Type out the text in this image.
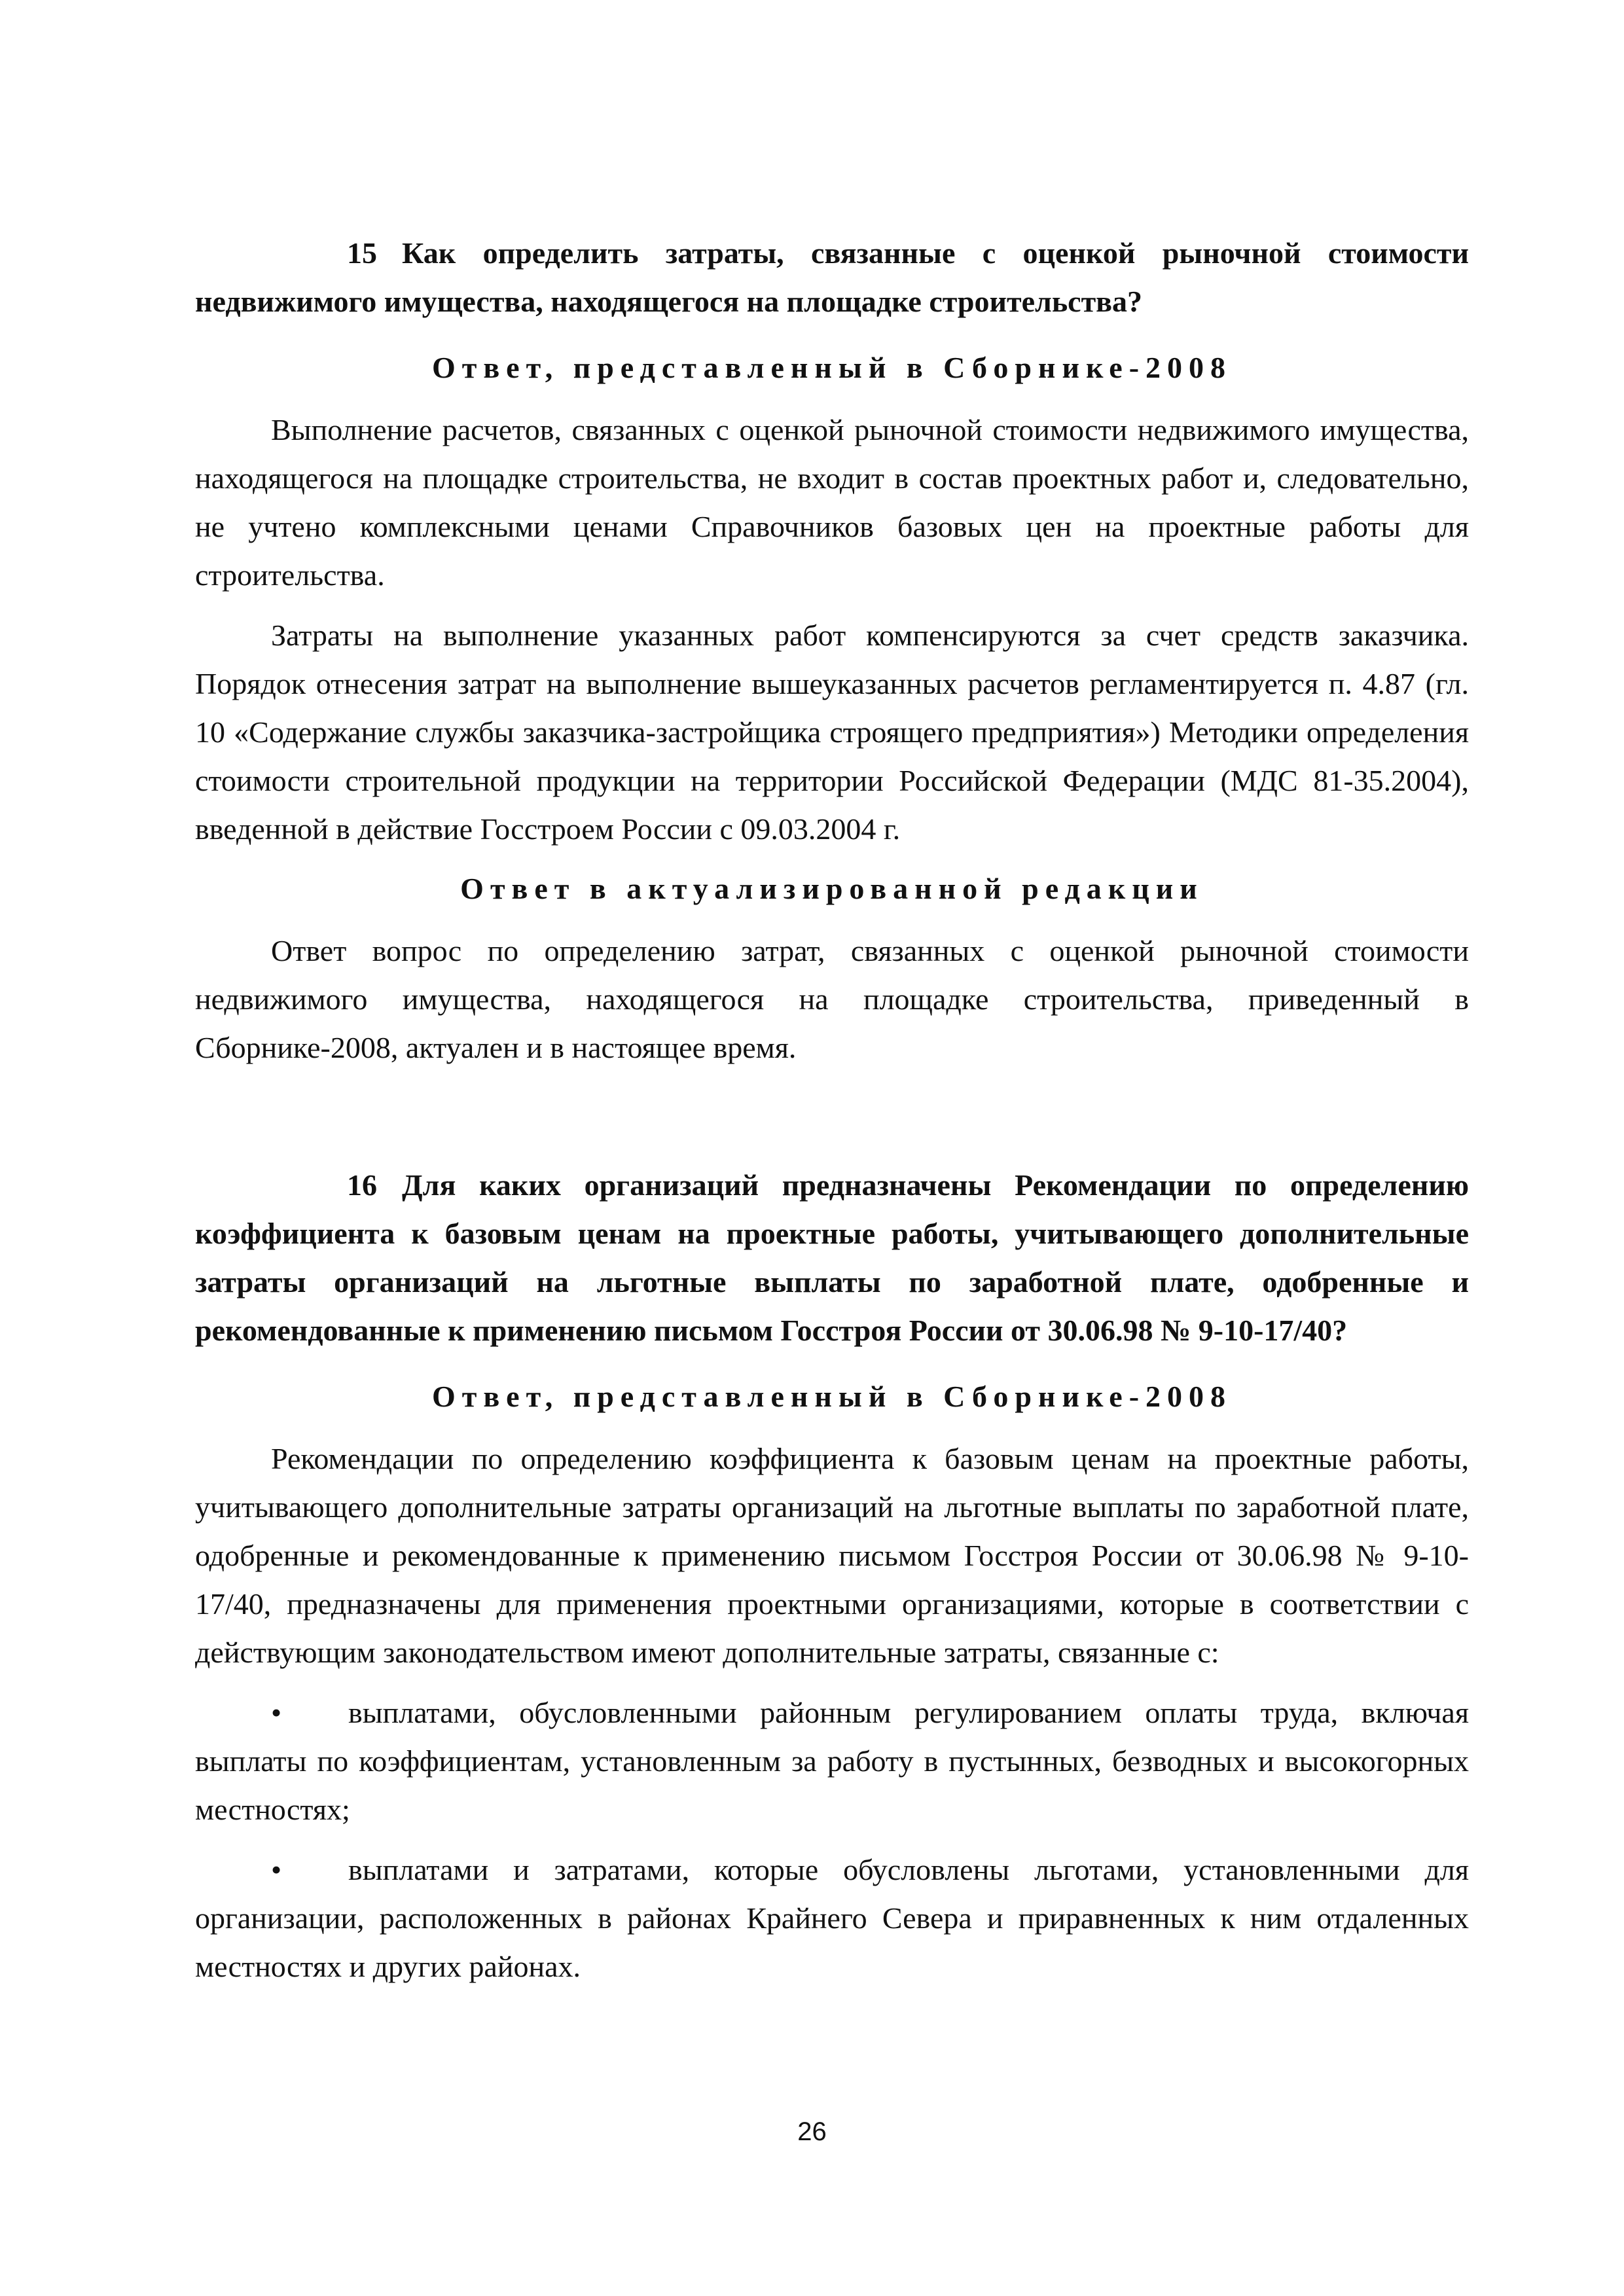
15 Как определить затраты, связанные с оценкой рыночной стоимости недвижимого имущества, находящегося на площадке строительства?

Ответ, представленный в Сборнике-2008

Выполнение расчетов, связанных с оценкой рыночной стоимости недвижимого имущества, находящегося на площадке строительства, не входит в состав проектных работ и, следовательно, не учтено комплексными ценами Справочников базовых цен на проектные работы для строительства.

Затраты на выполнение указанных работ компенсируются за счет средств заказчика. Порядок отнесения затрат на выполнение вышеуказанных расчетов регламентируется п. 4.87 (гл. 10 «Содержание службы заказчика-застройщика строящего предприятия») Методики определения стоимости строительной продукции на территории Российской Федерации (МДС 81-35.2004), введенной в действие Госстроем России с 09.03.2004 г.

Ответ в актуализированной редакции

Ответ вопрос по определению затрат, связанных с оценкой рыночной стоимости недвижимого имущества, находящегося на площадке строительства, приведенный в Сборнике-2008, актуален и в настоящее время.

16 Для каких организаций предназначены Рекомендации по определению коэффициента к базовым ценам на проектные работы, учитывающего дополнительные затраты организаций на льготные выплаты по заработной плате, одобренные и рекомендованные к применению письмом Госстроя России от 30.06.98 № 9-10-17/40?

Ответ, представленный в Сборнике-2008

Рекомендации по определению коэффициента к базовым ценам на проектные работы, учитывающего дополнительные затраты организаций на льготные выплаты по заработной плате, одобренные и рекомендованные к применению письмом Госстроя России от 30.06.98 № 9-10-17/40, предназначены для применения проектными организациями, которые в соответствии с действующим законодательством имеют дополнительные затраты, связанные с:

• выплатами, обусловленными районным регулированием оплаты труда, включая выплаты по коэффициентам, установленным за работу в пустынных, безводных и высокогорных местностях;

• выплатами и затратами, которые обусловлены льготами, установленными для организации, расположенных в районах Крайнего Севера и приравненных к ним отдаленных местностях и других районах.

26
